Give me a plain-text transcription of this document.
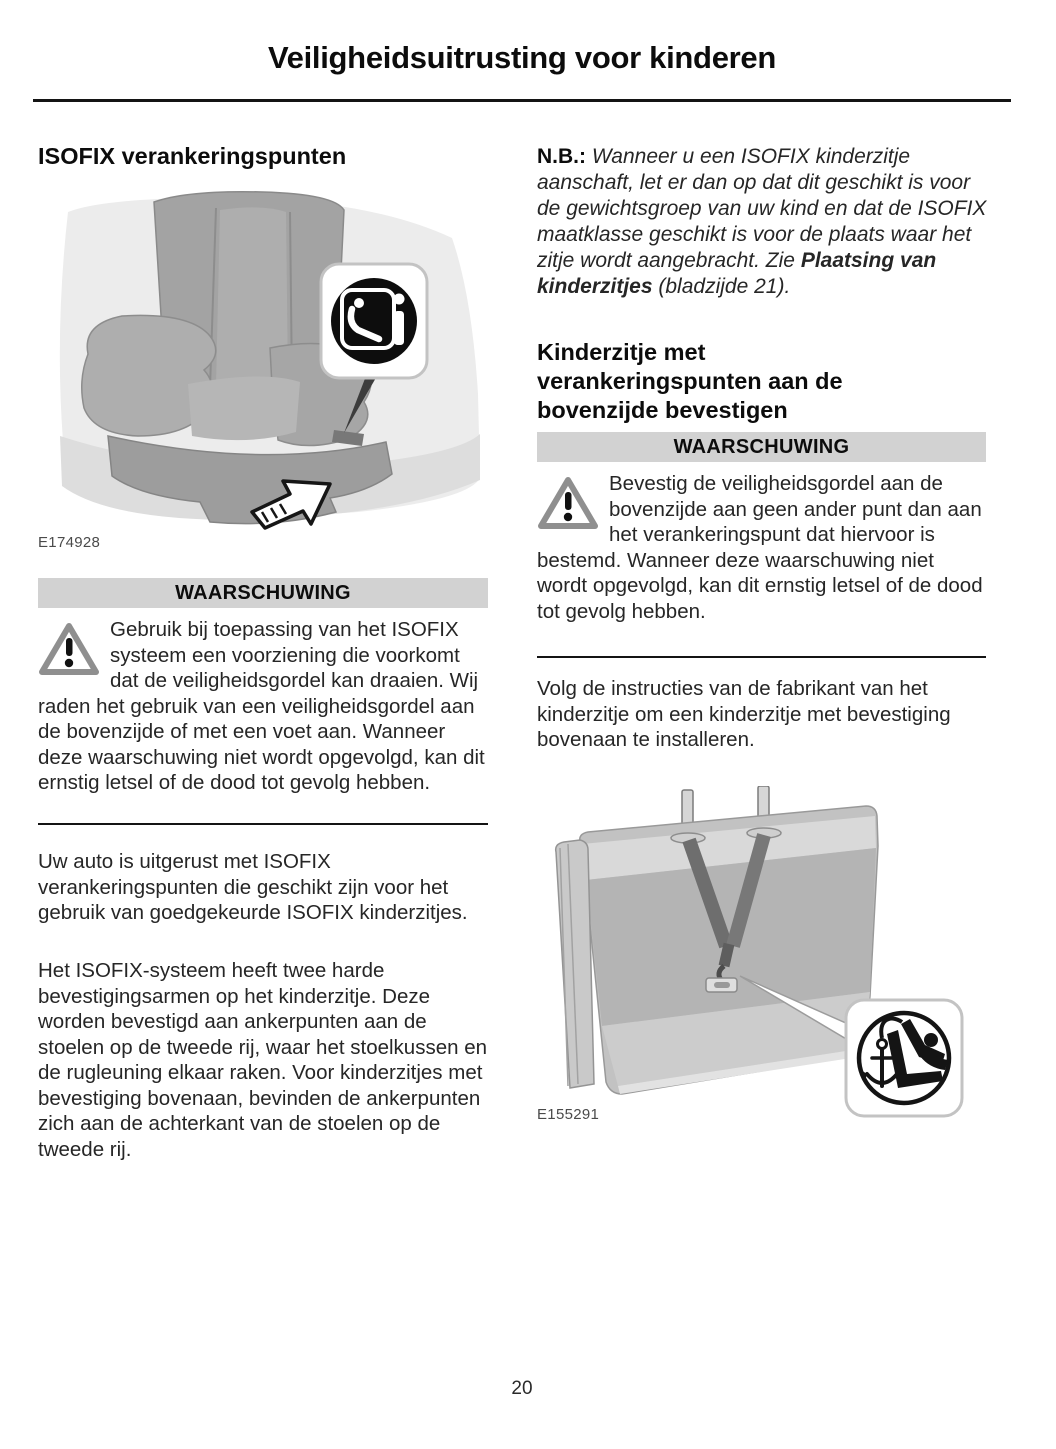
Veiligheidsuitrusting voor kinderen
ISOFIX verankeringspunten
E174928
WAARSCHUWING
Gebruik bij toepassing van het ISOFIX systeem een voorziening die voorkomt dat de veiligheidsgordel kan draaien. Wij raden het gebruik van een veiligheidsgordel aan de bovenzijde of met een voet aan. Wanneer deze waarschuwing niet wordt opgevolgd, kan dit ernstig letsel of de dood tot gevolg hebben.
Uw auto is uitgerust met ISOFIX verankeringspunten die geschikt zijn voor het gebruik van goedgekeurde ISOFIX kinderzitjes.
Het ISOFIX-systeem heeft twee harde bevestigingsarmen op het kinderzitje. Deze worden bevestigd aan ankerpunten aan de stoelen op de tweede rij, waar het stoelkussen en de rugleuning elkaar raken. Voor kinderzitjes met bevestiging bovenaan, bevinden de ankerpunten zich aan de achterkant van de stoelen op de tweede rij.
N.B.: Wanneer u een ISOFIX kinderzitje aanschaft, let er dan op dat dit geschikt is voor de gewichtsgroep van uw kind en dat de ISOFIX maatklasse geschikt is voor de plaats waar het zitje wordt aangebracht. Zie Plaatsing van kinderzitjes (bladzijde 21).
Kinderzitje met verankeringspunten aan de bovenzijde bevestigen
WAARSCHUWING
Bevestig de veiligheidsgordel aan de bovenzijde aan geen ander punt dan aan het verankeringspunt dat hiervoor is bestemd. Wanneer deze waarschuwing niet wordt opgevolgd, kan dit ernstig letsel of de dood tot gevolg hebben.
Volg de instructies van de fabrikant van het kinderzitje om een kinderzitje met bevestiging bovenaan te installeren.
E155291
20
